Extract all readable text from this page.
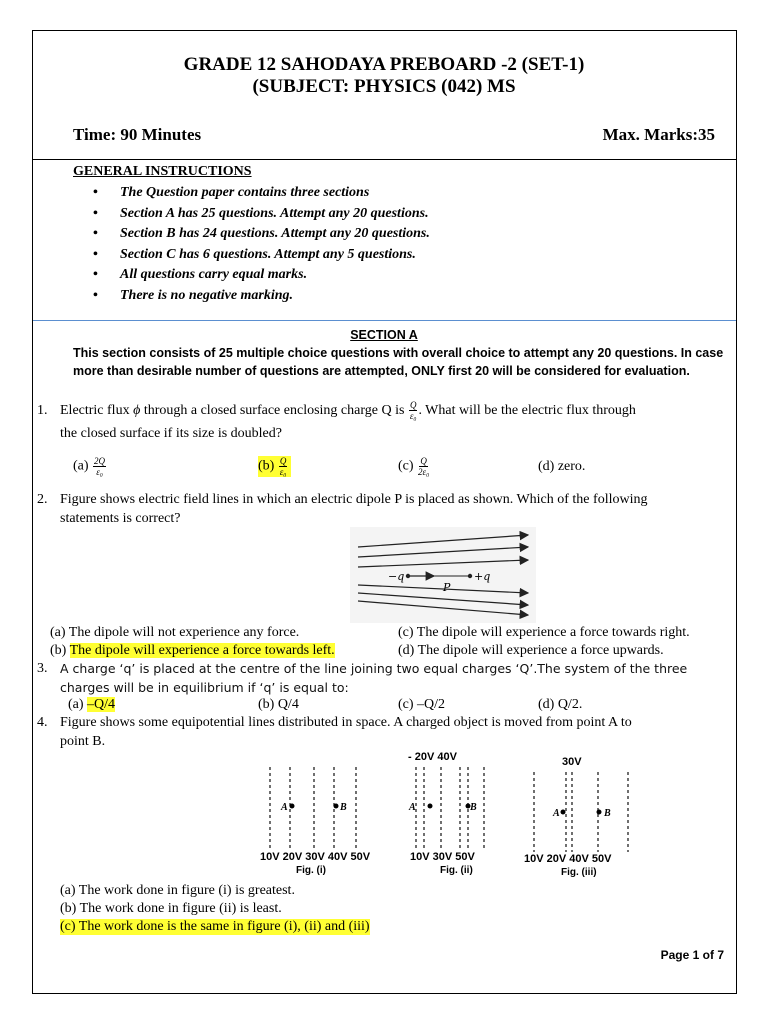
GRADE 12 SAHODAYA PREBOARD -2 (SET-1)
(SUBJECT: PHYSICS (042) MS
Time: 90 Minutes	Max. Marks:35
GENERAL INSTRUCTIONS
• The Question paper contains three sections
• Section A has 25 questions. Attempt any 20 questions.
• Section B has 24 questions. Attempt any 20 questions.
• Section C has 6 questions. Attempt any 5 questions.
• All questions carry equal marks.
• There is no negative marking.
SECTION A
This section consists of 25 multiple choice questions with overall choice to attempt any 20 questions. In case more than desirable number of questions are attempted, ONLY first 20 will be considered for evaluation.
1. Electric flux ϕ through a closed surface enclosing charge Q is $\frac{Q}{\text{ε₀}}$ . What will be the electric flux through
the closed surface if its size is doubled?
$(a) \frac{2Q}{\text{ε₀}}$	$(b) \frac{Q}{\text{ε₀}}$	$(c) \frac{Q}{\text{2ε₀}}$	(d) zero.
2. Figure shows electric field lines in which an electric dipole P is placed as shown. Which of the following
statements is correct?
−q	+q
P
(a) The dipole will not experience any force.	(c) The dipole will experience a force towards right.
(b) The dipole will experience a force towards left.	(d) The dipole will experience a force upwards.
3. A charge ‘q’ is placed at the centre of the line joining two equal charges ‘Q’.The system of the three
charges will be in equilibrium if ‘q’ is equal to:
(a) –Q/4	(b) Q/4	(c) –Q/2	(d) Q/2.
4. Figure shows some equipotential lines distributed in space. A charged object is moved from point A to
point B.
A	B
10V 20V 30V 40V 50V
Fig. (i)
- 20V 40V
A	B
10V 30V 50V
Fig. (ii)
30V
A	B
10V 20V 40V 50V
Fig. (iii)
(a) The work done in figure (i) is greatest.
(b) The work done in figure (ii) is least.
(c) The work done is the same in figure (i), (ii) and (iii)
Page 1 of 7
